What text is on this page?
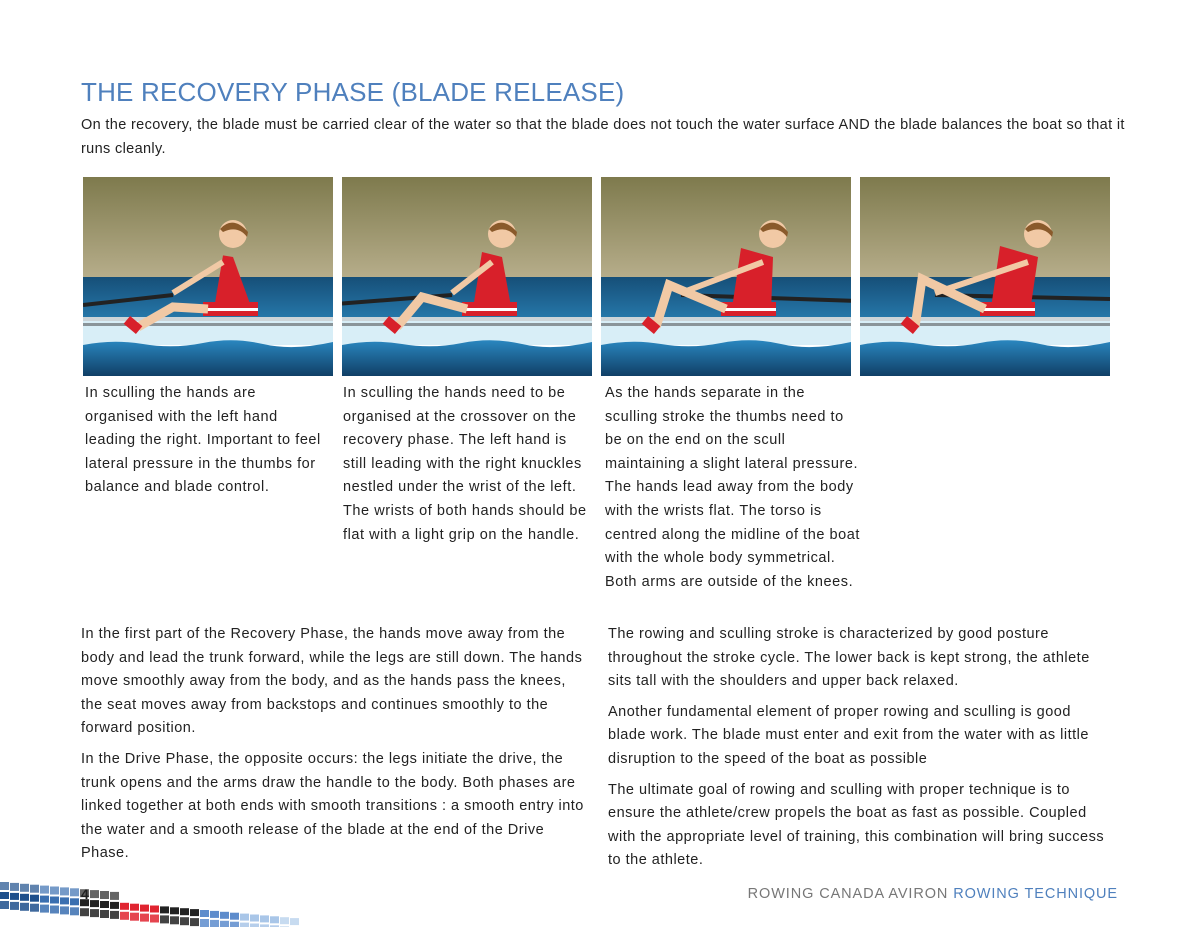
THE RECOVERY PHASE (BLADE RELEASE)
On the recovery, the blade must be carried clear of the water so that the blade does not touch the water surface AND the blade balances the boat so that it runs cleanly.
In sculling the hands are organised with the left hand leading the right. Important to feel lateral pressure in the thumbs for balance and blade control.
In sculling the hands need to be organised at the crossover on the recovery phase. The left hand is still leading with the right knuckles nestled under the wrist of the left. The wrists of both hands should be flat with a light grip on the handle.
As the hands separate in the sculling stroke the thumbs need to be on the end on the scull maintaining a slight lateral pressure. The hands lead away from the body with the wrists flat. The torso is centred along the midline of the boat with the whole body symmetrical. Both arms are outside of the knees.

In the first part of the Recovery Phase, the hands move away from the body and lead the trunk forward, while the legs are still down. The hands move smoothly away from the body, and as the hands pass the knees, the seat moves away from backstops and continues smoothly to the forward position.

In the Drive Phase, the opposite occurs: the legs initiate the drive, the trunk opens and the arms draw the handle to the body. Both phases are linked together at both ends with smooth transitions : a smooth entry into the water and a smooth release of the blade at the end of the Drive Phase.

The rowing and sculling stroke is characterized by good posture throughout the stroke cycle. The lower back is kept strong, the athlete sits tall with the shoulders and upper back relaxed.

Another fundamental element of proper rowing and sculling is good blade work. The blade must enter and exit from the water with as little disruption to the speed of the boat as possible

The ultimate goal of rowing and sculling with proper technique is to ensure the athlete/crew propels the boat as fast as possible. Coupled with the appropriate level of training, this combination will bring success to the athlete.

4	ROWING CANADA AVIRON ROWING TECHNIQUE
